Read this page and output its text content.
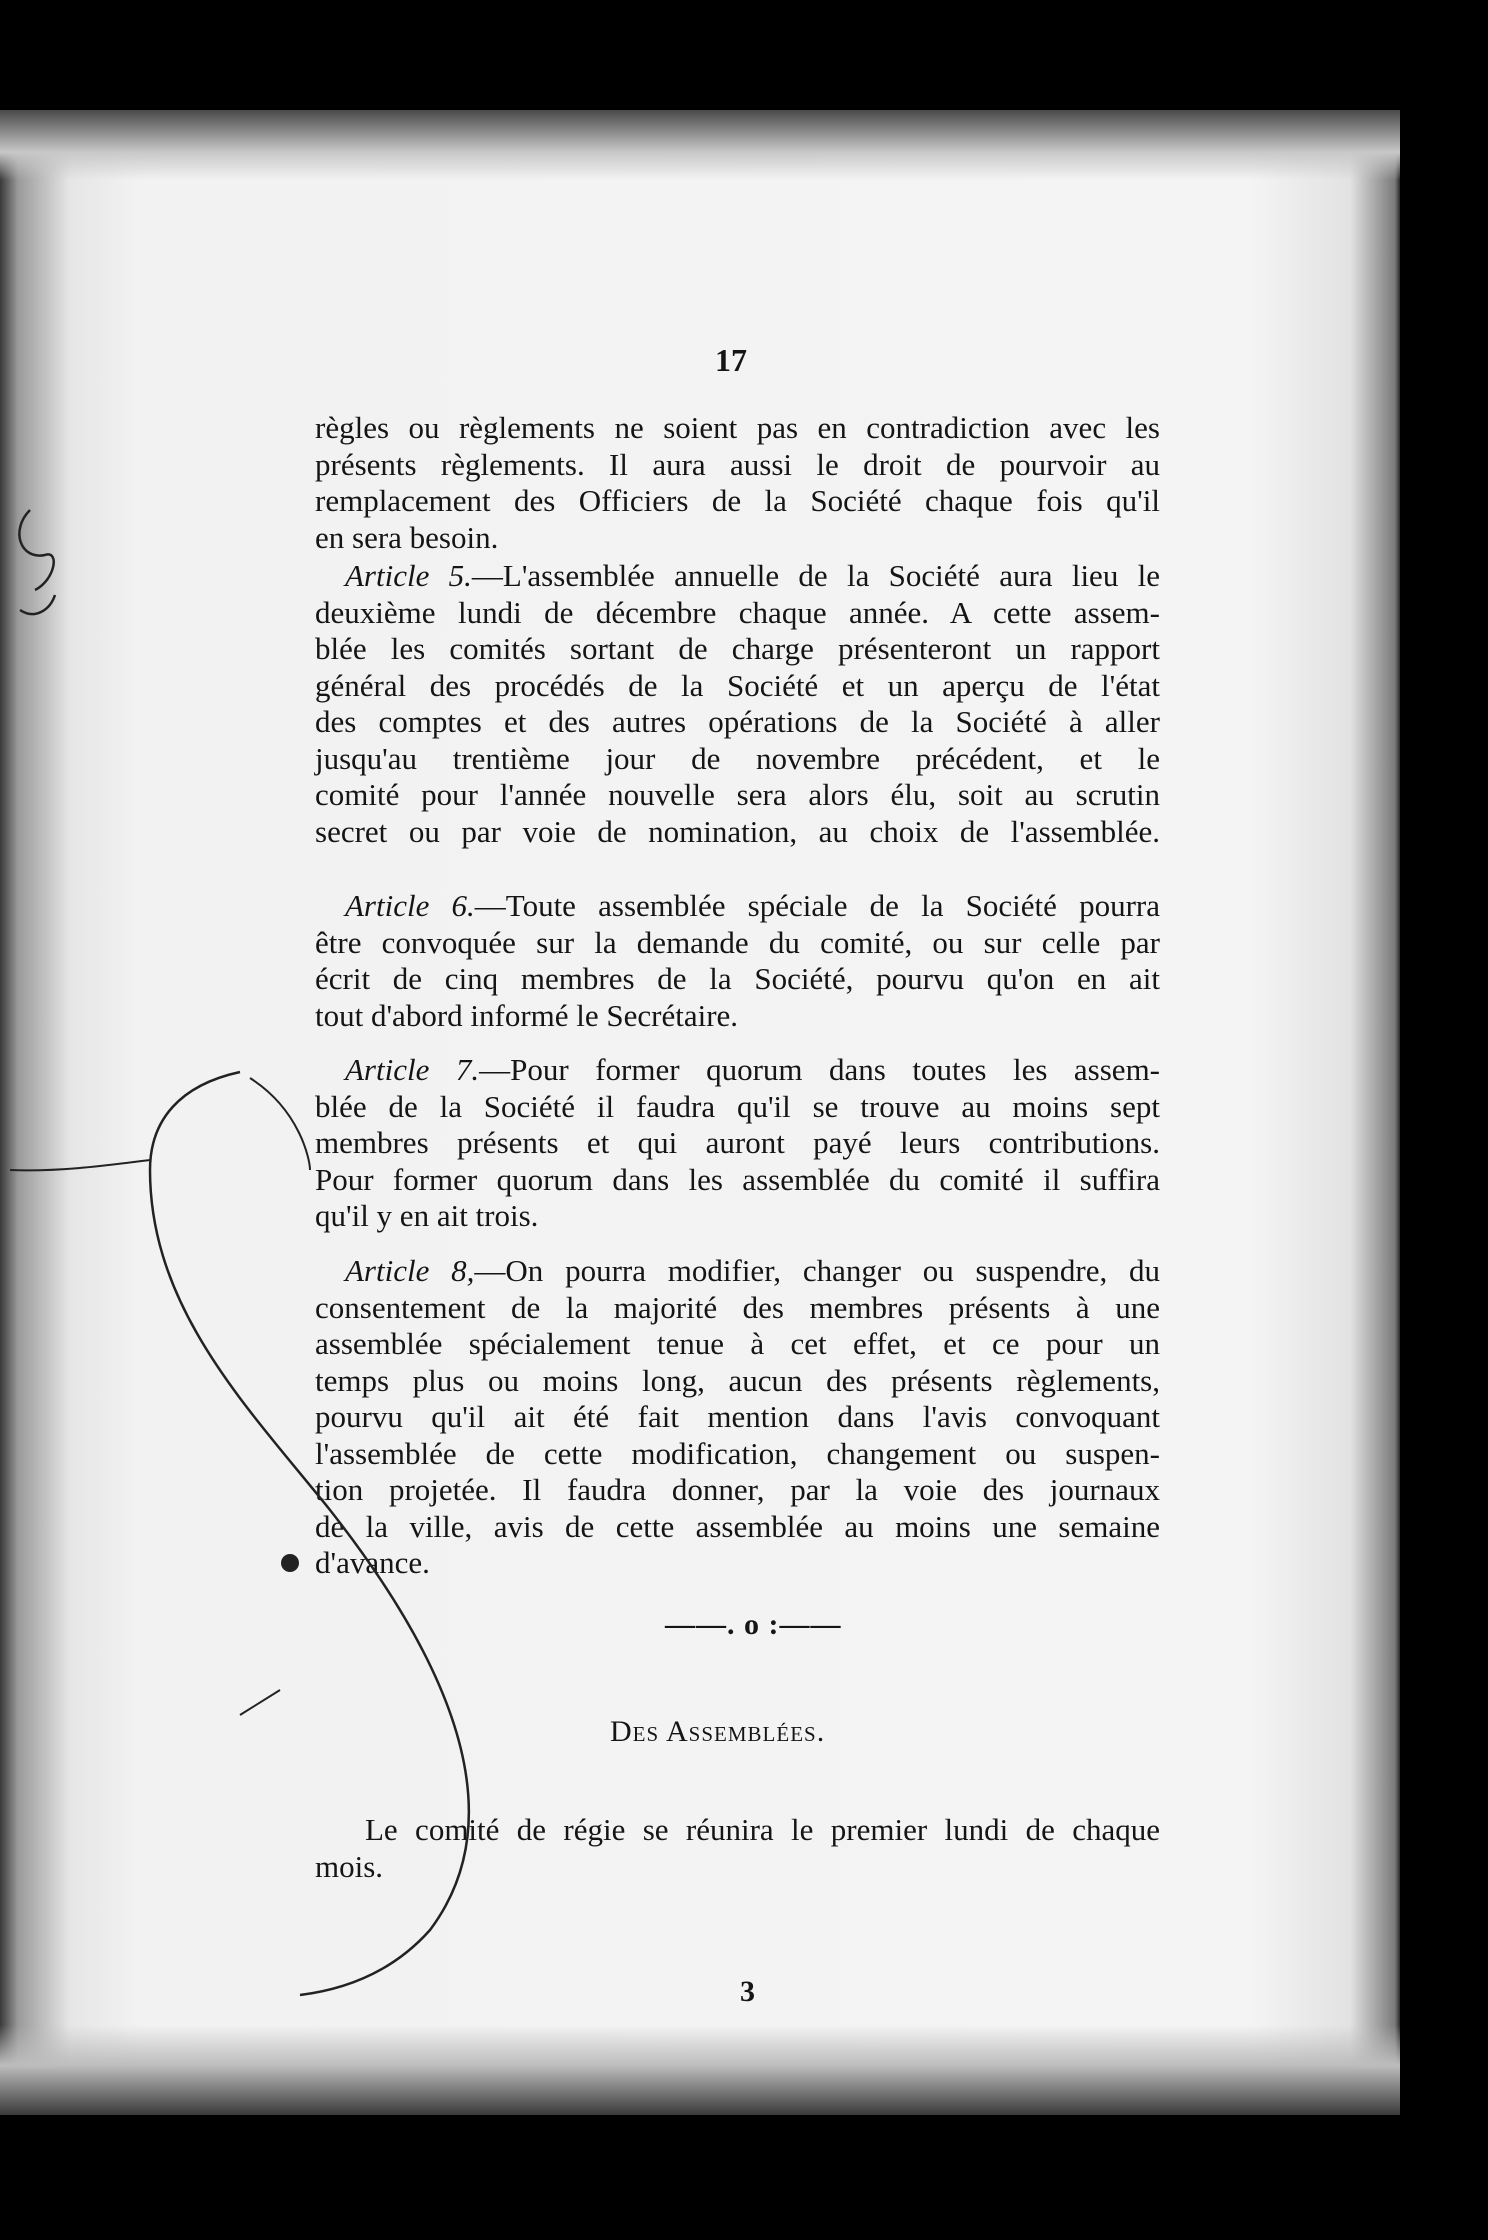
17

règles ou règlements ne soient pas en contradiction avec les
présents règlements. Il aura aussi le droit de pourvoir au
remplacement des Officiers de la Société chaque fois qu'il
en sera besoin.

Article 5.—L'assemblée annuelle de la Société aura lieu le
deuxième lundi de décembre chaque année. A cette assem-
blée les comités sortant de charge présenteront un rapport
général des procédés de la Société et un aperçu de l'état
des comptes et des autres opérations de la Société à aller
jusqu'au trentième jour de novembre précédent, et le
comité pour l'année nouvelle sera alors élu, soit au scrutin
secret ou par voie de nomination, au choix de l'assemblée.

Article 6.—Toute assemblée spéciale de la Société pourra
être convoquée sur la demande du comité, ou sur celle par
écrit de cinq membres de la Société, pourvu qu'on en ait
tout d'abord informé le Secrétaire.

Article 7.—Pour former quorum dans toutes les assem-
blée de la Société il faudra qu'il se trouve au moins sept
membres présents et qui auront payé leurs contributions.
Pour former quorum dans les assemblée du comité il suffira
qu'il y en ait trois.

Article 8,—On pourra modifier, changer ou suspendre, du
consentement de la majorité des membres présents à une
assemblée spécialement tenue à cet effet, et ce pour un
temps plus ou moins long, aucun des présents règlements,
pourvu qu'il ait été fait mention dans l'avis convoquant
l'assemblée de cette modification, changement ou suspen-
tion projetée. Il faudra donner, par la voie des journaux
de la ville, avis de cette assemblée au moins une semaine
d'avance.

——. o :——
Des Assemblées.
Le comité de régie se réunira le premier lundi de chaque
mois.
3
